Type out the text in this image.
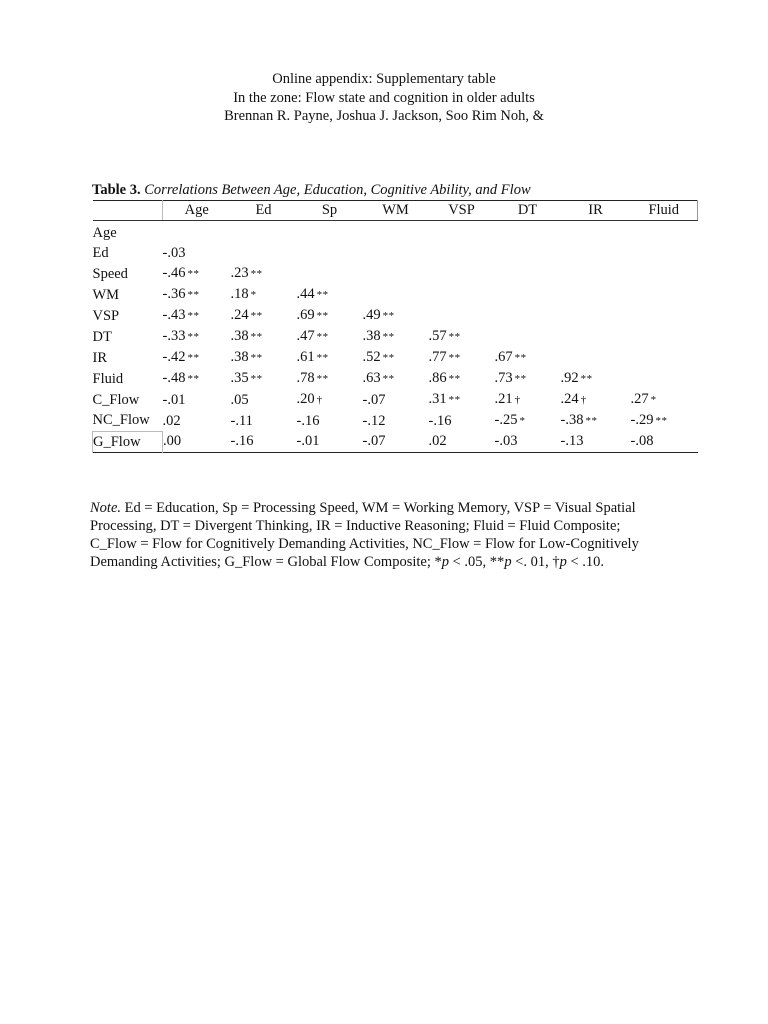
Online appendix: Supplementary table
In the zone: Flow state and cognition in older adults
Brennan R. Payne, Joshua J. Jackson, Soo Rim Noh, &
Table 3. Correlations Between Age, Education, Cognitive Ability, and Flow
	Age	Ed	Sp	WM	VSP	DT	IR	Fluid
Age								
Ed	-.03							
Speed	-.46 **	.23 **						
WM	-.36 **	.18 *	.44 **					
VSP	-.43 **	.24 **	.69 **	.49 **				
DT	-.33 **	.38 **	.47 **	.38 **	.57 **			
IR	-.42 **	.38 **	.61 **	.52 **	.77 **	.67 **		
Fluid	-.48 **	.35 **	.78 **	.63 **	.86 **	.73 **	.92 **	
C_Flow	-.01	.05	.20 †	-.07	.31 **	.21 †	.24 †	.27 *
NC_Flow	.02	-.11	-.16	-.12	-.16	-.25 *	-.38 **	-.29 **
G_Flow	.00	-.16	-.01	-.07	.02	-.03	-.13	-.08
Note. Ed = Education, Sp = Processing Speed, WM = Working Memory, VSP = Visual Spatial
Processing, DT = Divergent Thinking, IR = Inductive Reasoning; Fluid = Fluid Composite;
C_Flow = Flow for Cognitively Demanding Activities, NC_Flow = Flow for Low-Cognitively
Demanding Activities; G_Flow = Global Flow Composite; *p < .05, **p <. 01, †p < .10.
